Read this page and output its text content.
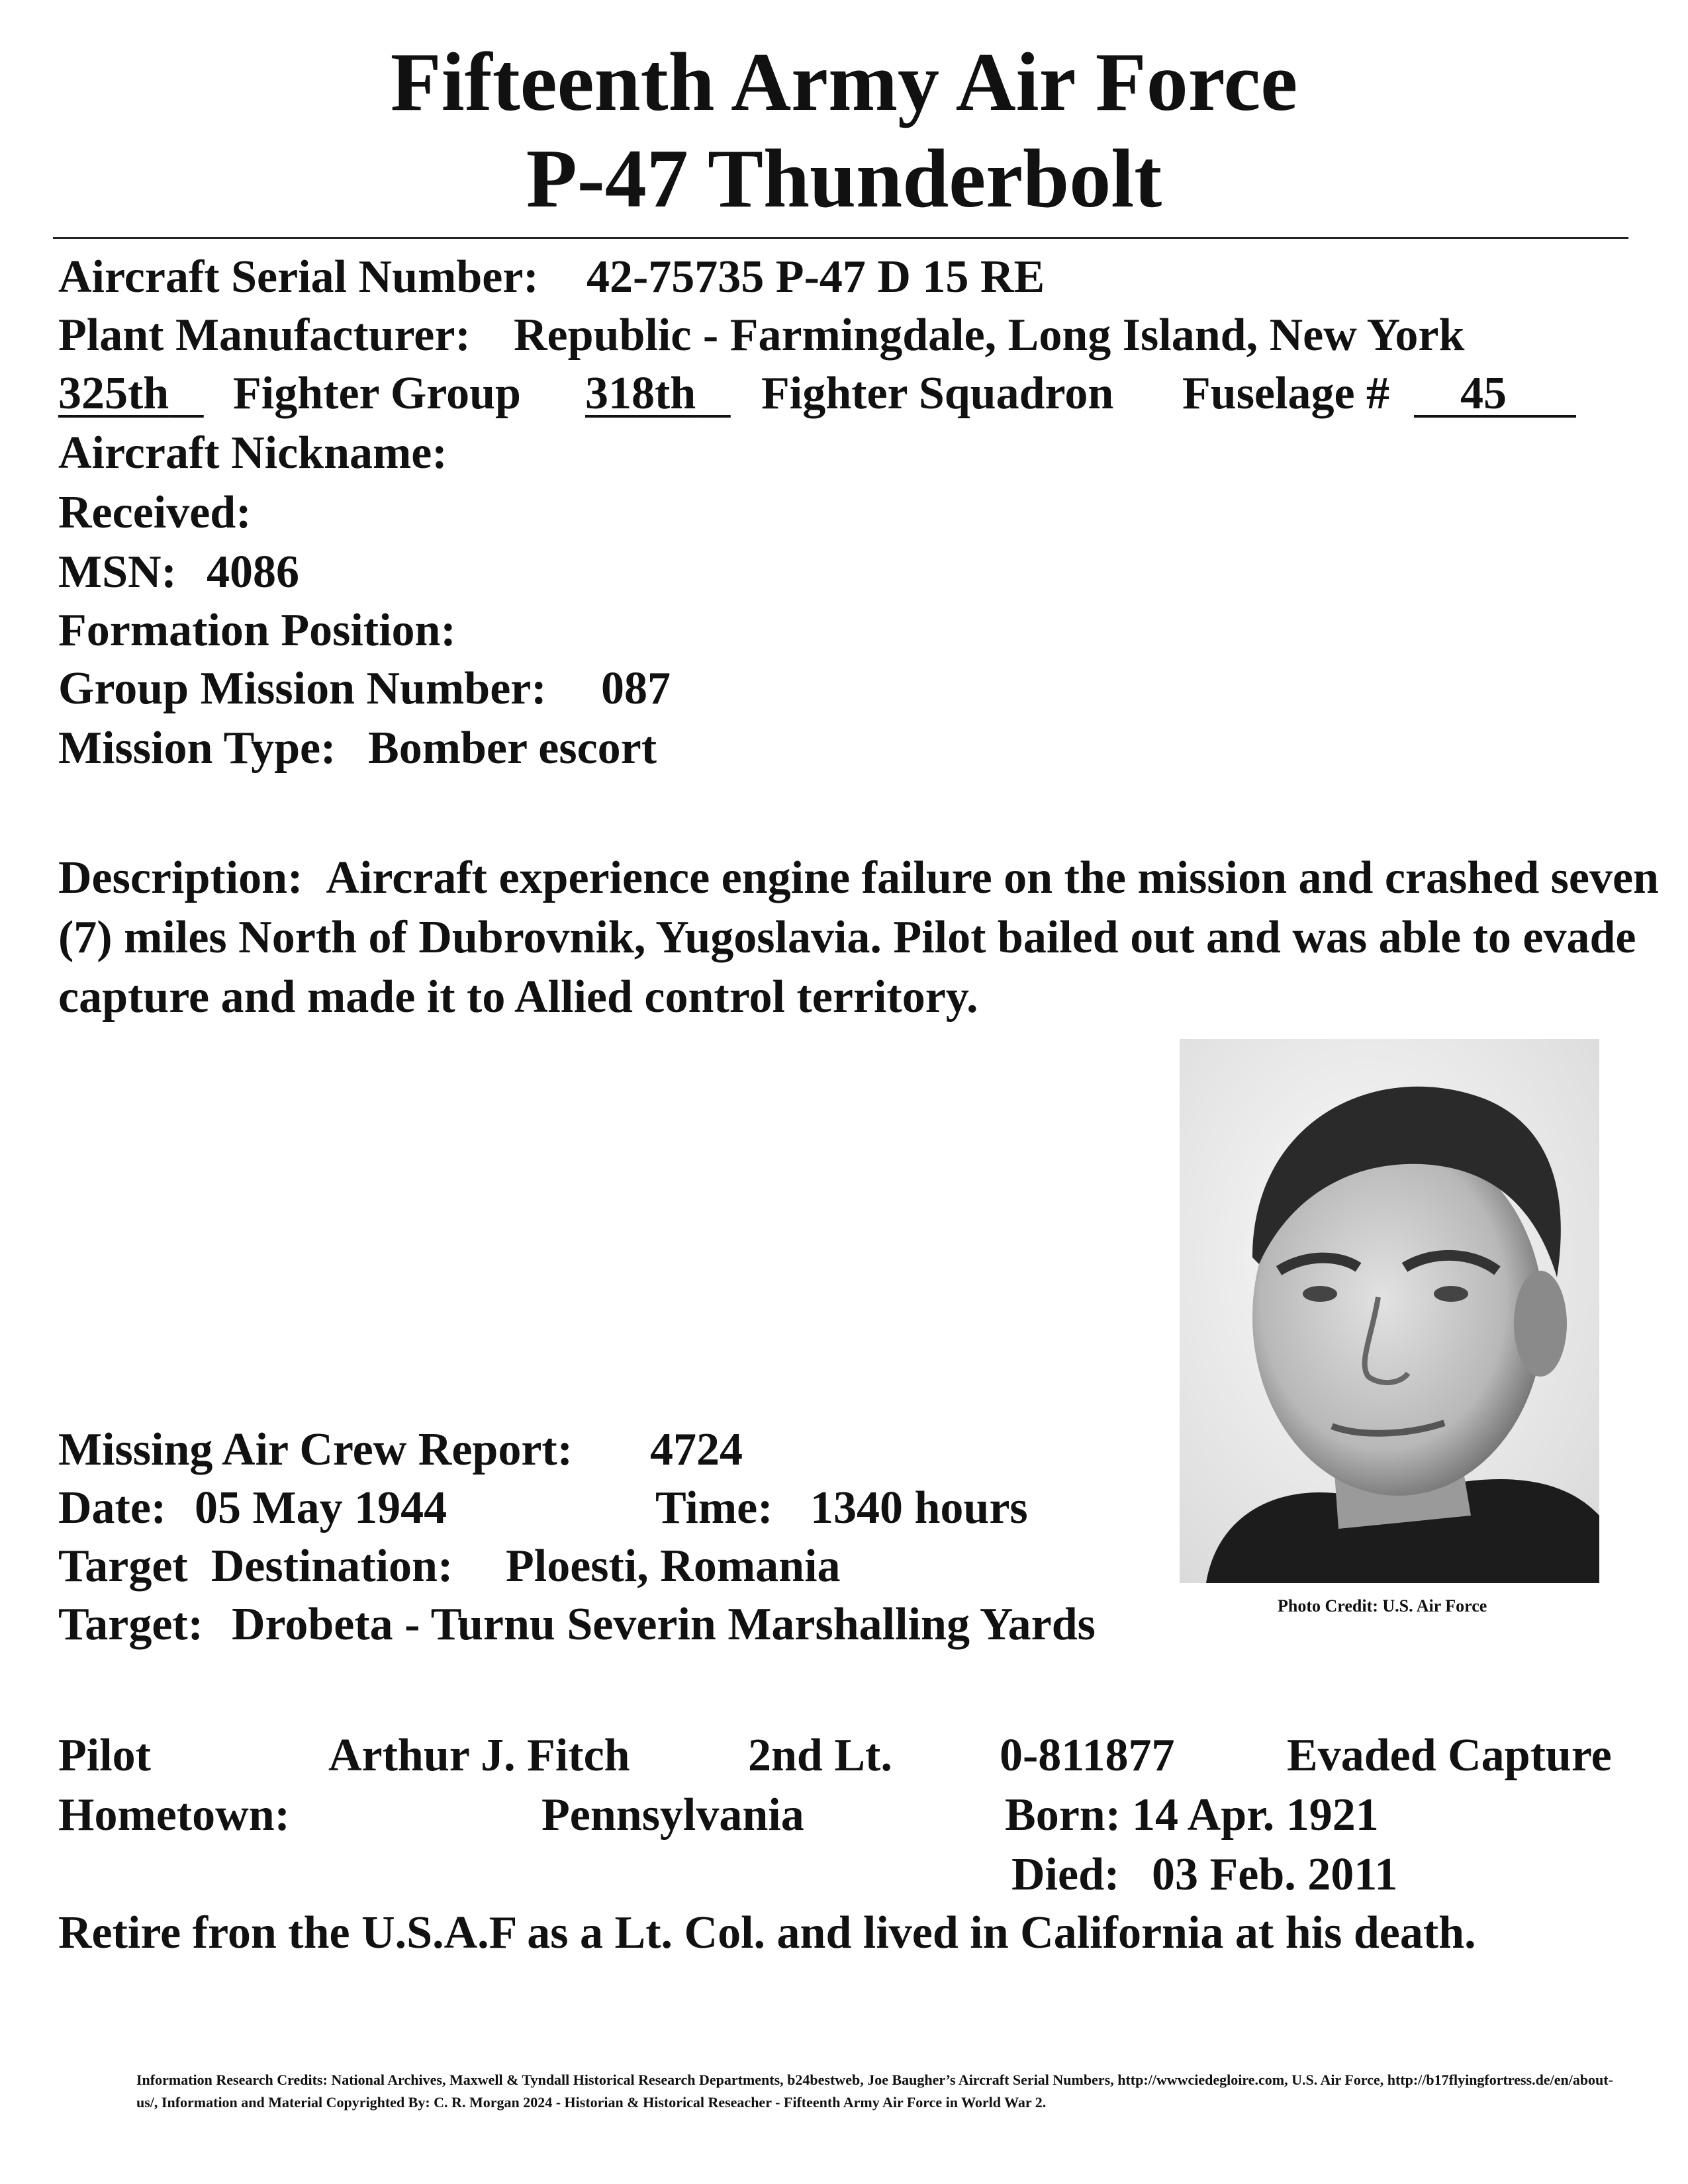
Fifteenth Army Air Force
P-47 Thunderbolt
Aircraft Serial Number: 42-75735 P-47 D 15 RE
Plant Manufacturer: Republic - Farmingdale, Long Island, New York
325th	Fighter Group 318th	Fighter Squadron Fuselage #	45
Aircraft Nickname:
Received:
MSN: 4086
Formation Position:
Group Mission Number: 087
Mission Type: Bomber escort
Description: Aircraft experience engine failure on the mission and crashed seven (7) miles North of Dubrovnik, Yugoslavia. Pilot bailed out and was able to evade capture and made it to Allied control territory.
Photo Credit: U.S. Air Force
Missing Air Crew Report: 4724
Date: 05 May 1944	Time: 1340 hours
Target  Destination: Ploesti, Romania
Target: Drobeta - Turnu Severin Marshalling Yards
Pilot	Arthur J. Fitch	2nd Lt. 0-811877 Evaded Capture
Hometown:	Pennsylvania	Born: 14 Apr. 1921
Died: 03 Feb. 2011
Retire fron the U.S.A.F as a Lt. Col. and lived in California at his death.
Information Research Credits: National Archives, Maxwell & Tyndall Historical Research Departments, b24bestweb, Joe Baugher’s Aircraft Serial Numbers, http://wwwciedegloire.com, U.S. Air Force, http://b17flyingfortress.de/en/about-us/, Information and Material Copyrighted By: C. R. Morgan 2024 - Historian & Historical Reseacher - Fifteenth Army Air Force in World War 2.
